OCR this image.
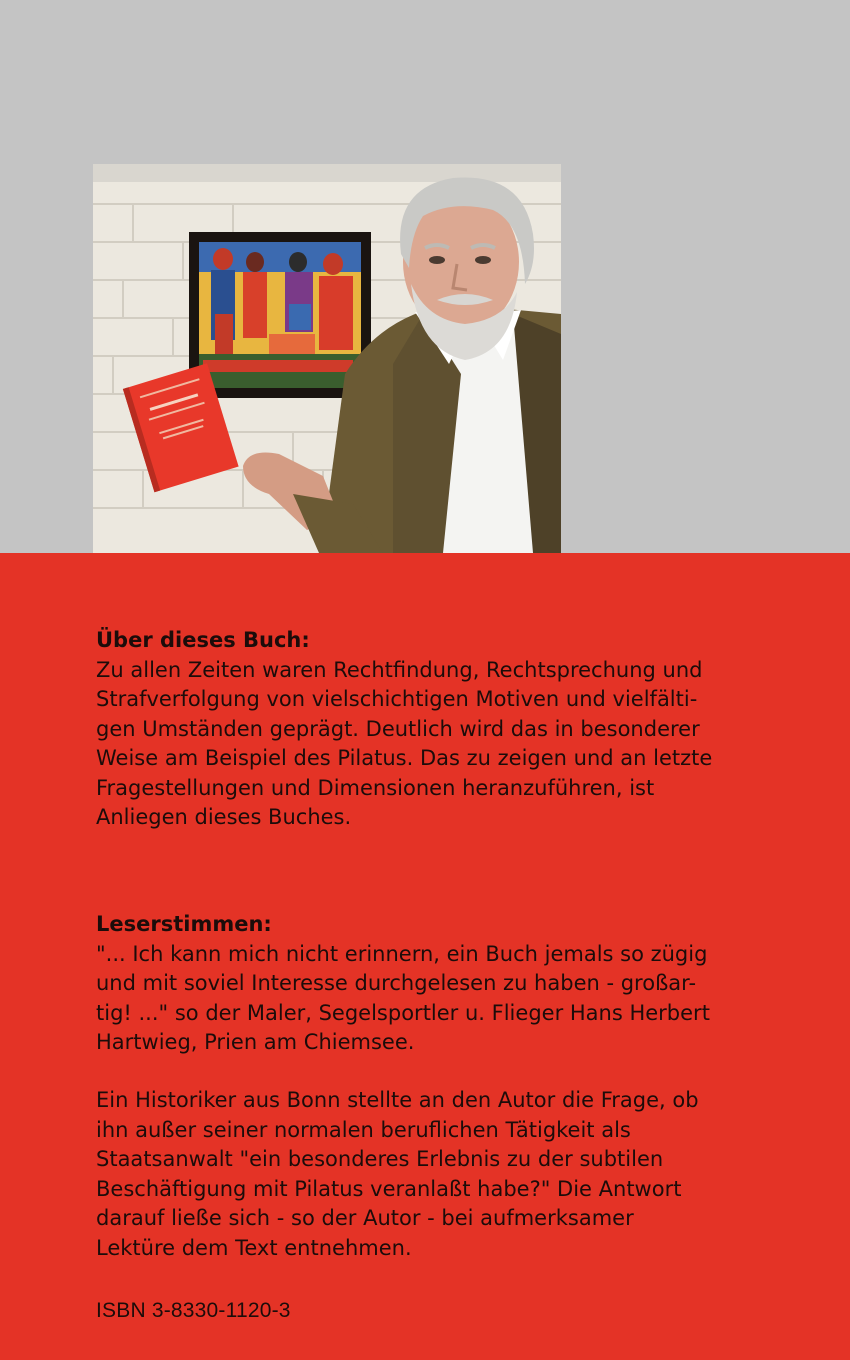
Über dieses Buch:
Zu allen Zeiten waren Rechtfindung, Rechtsprechung und
Strafverfolgung von vielschichtigen Motiven und vielfälti-
gen Umständen geprägt. Deutlich wird das in besonderer
Weise am Beispiel des Pilatus. Das zu zeigen und an letzte
Fragestellungen und Dimensionen heranzuführen, ist
Anliegen dieses Buches.
Leserstimmen:
"... Ich kann mich nicht erinnern, ein Buch jemals so zügig
und mit soviel Interesse durchgelesen zu haben - großar-
tig! ..." so der Maler, Segelsportler u. Flieger Hans Herbert
Hartwieg, Prien am Chiemsee.
Ein Historiker aus Bonn stellte an den Autor die Frage, ob
ihn außer seiner normalen beruflichen Tätigkeit als
Staatsanwalt "ein besonderes Erlebnis zu der subtilen
Beschäftigung mit Pilatus veranlaßt habe?" Die Antwort
darauf ließe sich - so der Autor - bei aufmerksamer
Lektüre dem Text entnehmen.
ISBN 3-8330-1120-3
